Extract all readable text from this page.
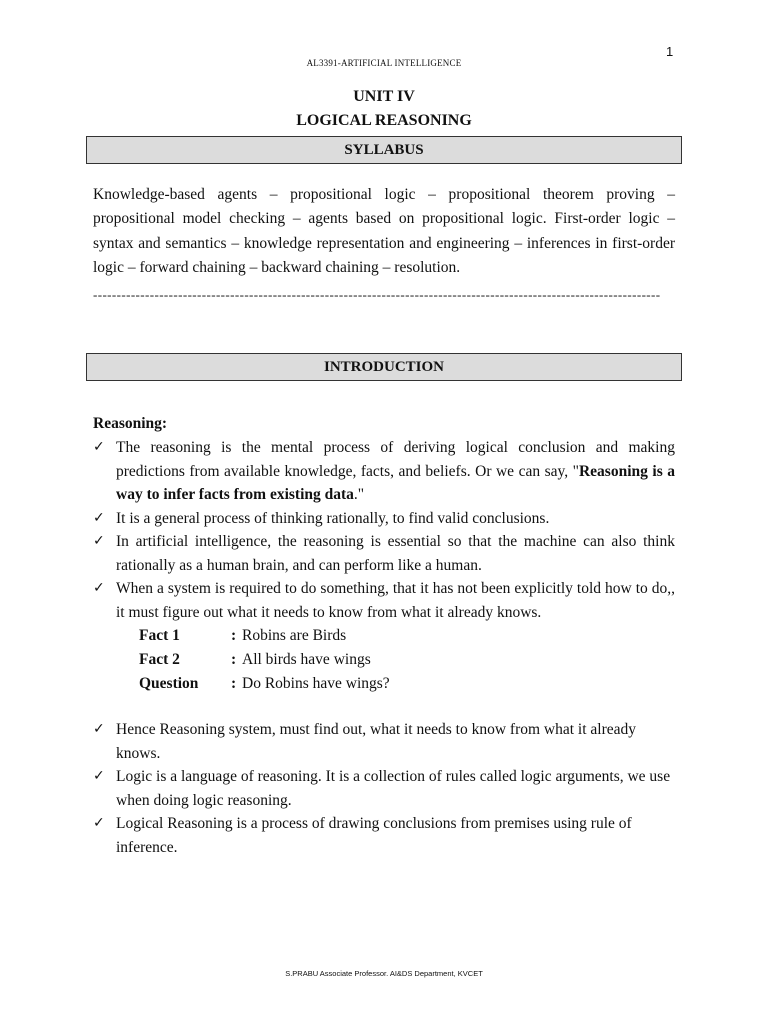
1
AL3391-ARTIFICIAL INTELLIGENCE
UNIT IV
LOGICAL REASONING
SYLLABUS
Knowledge-based agents – propositional logic – propositional theorem proving – propositional model checking – agents based on propositional logic. First-order logic – syntax and semantics – knowledge representation and engineering – inferences in first-order logic – forward chaining – backward chaining – resolution.
------------------------------------------------------------------------------------------------------------------------
INTRODUCTION
Reasoning:
✓ The reasoning is the mental process of deriving logical conclusion and making predictions from available knowledge, facts, and beliefs. Or we can say, "Reasoning is a way to infer facts from existing data."
✓ It is a general process of thinking rationally, to find valid conclusions.
✓ In artificial intelligence, the reasoning is essential so that the machine can also think rationally as a human brain, and can perform like a human.
✓ When a system is required to do something, that it has not been explicitly told how to do,, it must figure out what it needs to know from what it already knows.
Fact 1	: Robins are Birds
Fact 2	: All birds have wings
Question	: Do Robins have wings?
✓ Hence Reasoning system, must find out, what it needs to know from what it already knows.
✓ Logic is a language of reasoning. It is a collection of rules called logic arguments, we use when doing logic reasoning.
✓ Logical Reasoning is a process of drawing conclusions from premises using rule of inference.
S.PRABU Associate Professor. AI&DS Department, KVCET
